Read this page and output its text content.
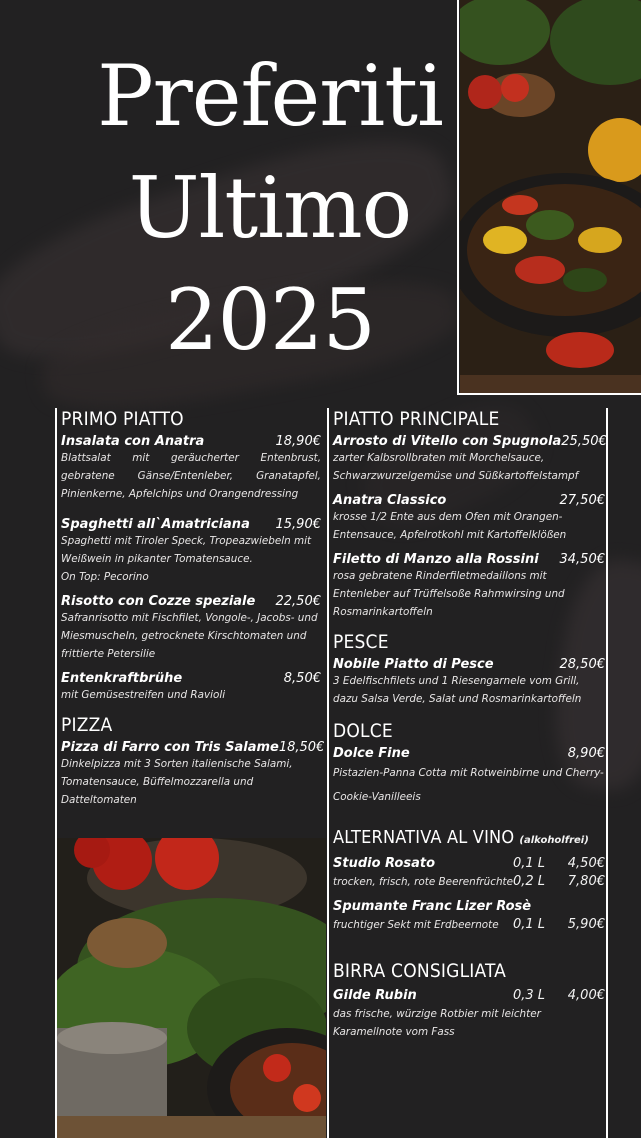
Preferiti
Ultimo
2025
PRIMO PIATTO
Insalata con Anatra	18,90€
Blattsalat mit geräucherter Entenbrust, gebratene Gänse/Entenleber, Granatapfel, Pinienkerne, Apfelchips und Orangendressing
Spaghetti all`Amatriciana 15,90€
Spaghetti mit Tiroler Speck, Tropeazwiebeln mit Weißwein in pikanter Tomatensauce.
On Top: Pecorino
Risotto con Cozze speziale 22,50€
Safranrisotto mit Fischfilet, Vongole-, Jacobs- und Miesmuscheln, getrocknete Kirschtomaten und frittierte Petersilie
Entenkraftbrühe	8,50€
mit Gemüsestreifen und Ravioli
PIZZA
Pizza di Farro con Tris Salame 18,50€
Dinkelpizza mit 3 Sorten italienische Salami, Tomatensauce, Büffelmozzarella und Datteltomaten
PIATTO PRINCIPALE
Arrosto di Vitello con Spugnola 25,50€
zarter Kalbsrollbraten mit Morchelsauce, Schwarzwurzelgemüse und Süßkartoffelstampf
Anatra Classico	27,50€
krosse 1/2 Ente aus dem Ofen mit Orangen-Entensauce, Apfelrotkohl mit Kartoffelklößen
Filetto di Manzo alla Rossini 34,50€
rosa gebratene Rinderfiletmedaillons mit Entenleber auf Trüffelsoße Rahmwirsing und Rosmarinkartoffeln
PESCE
Nobile Piatto di Pesce	28,50€
3 Edelfischfilets und 1 Riesengarnele vom Grill, dazu Salsa Verde, Salat und Rosmarinkartoffeln
DOLCE
Dolce Fine	8,90€
Pistazien-Panna Cotta mit Rotweinbirne und Cherry-Cookie-Vanilleeis
ALTERNATIVA AL VINO (alkoholfrei)
Studio Rosato	0,1 L	4,50€
trocken, frisch, rote Beerenfrüchte 0,2 L	7,80€
Spumante Franc Lizer Rosè
fruchtiger Sekt mit Erdbeernote 0,1 L	5,90€
BIRRA CONSIGLIATA
Gilde Rubin	0,3 L	4,00€
das frische, würzige Rotbier mit leichter Karamellnote vom Fass
